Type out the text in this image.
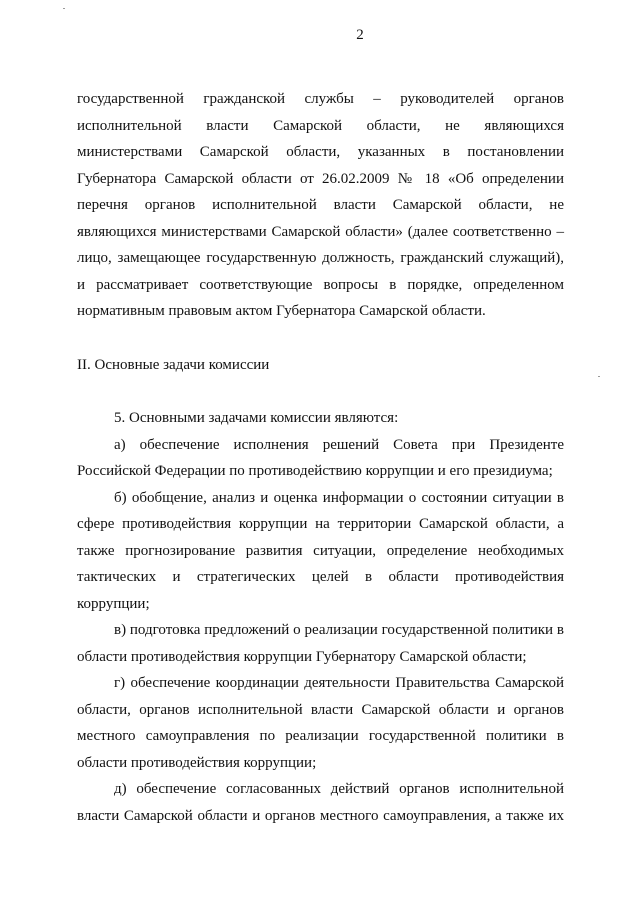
2

государственной гражданской службы – руководителей органов исполнительной власти Самарской области, не являющихся министерствами Самарской области, указанных в постановлении Губернатора Самарской области от 26.02.2009 № 18 «Об определении перечня органов исполнительной власти Самарской области, не являющихся министерствами Самарской области» (далее соответственно – лицо, замещающее государственную должность, гражданский служащий), и рассматривает соответствующие вопросы в порядке, определенном нормативным правовым актом Губернатора Самарской области.

II. Основные задачи комиссии

5. Основными задачами комиссии являются:

а) обеспечение исполнения решений Совета при Президенте Российской Федерации по противодействию коррупции и его президиума;

б) обобщение, анализ и оценка информации о состоянии ситуации в сфере противодействия коррупции на территории Самарской области, а также прогнозирование развития ситуации, определение необходимых тактических и стратегических целей в области противодействия коррупции;

в) подготовка предложений о реализации государственной политики в области противодействия коррупции Губернатору Самарской области;

г) обеспечение координации деятельности Правительства Самарской области, органов исполнительной власти Самарской области и органов местного самоуправления по реализации государственной политики в области противодействия коррупции;

д) обеспечение согласованных действий органов исполнительной власти Самарской области и органов местного самоуправления, а также их
